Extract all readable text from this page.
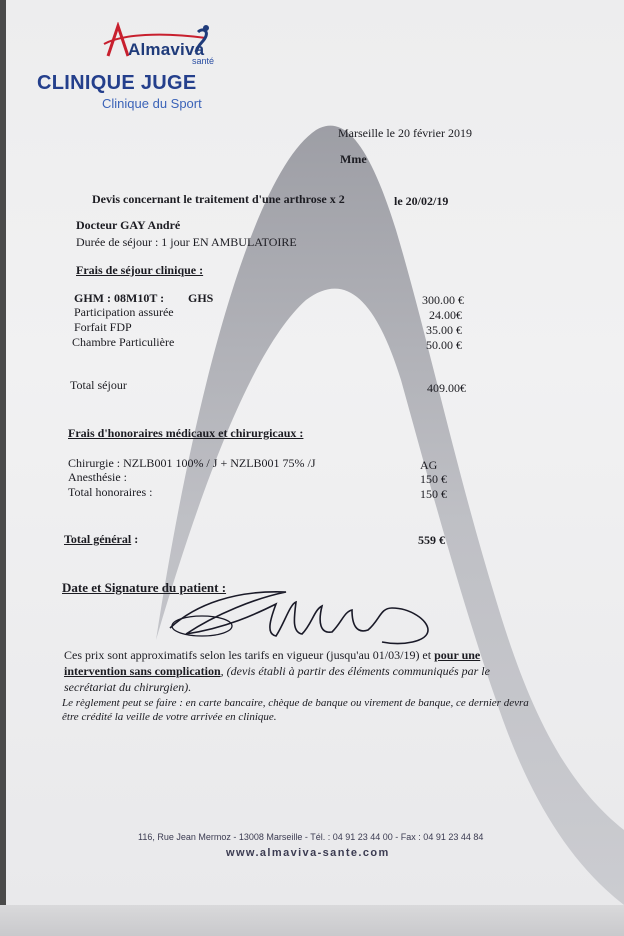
Almaviva
santé
CLINIQUE JUGE
Clinique du Sport
Marseille le 20 février 2019
Mme
Devis concernant le traitement d'une arthrose x 2	le 20/02/19
Docteur GAY André
Durée de séjour : 1 jour EN AMBULATOIRE
Frais de séjour clinique :
GHM : 08M10T : GHS	300.00 €
Participation assurée	24.00€
Forfait FDP	35.00 €
Chambre Particulière	50.00 €
Total séjour	409.00€
Frais d'honoraires médicaux et chirurgicaux :
Chirurgie : NZLB001 100% / J + NZLB001 75% /J	AG
Anesthésie :	150 €
Total honoraires :	150 €
Total général :	559 €
Date et Signature du patient :
Ces prix sont approximatifs selon les tarifs en vigueur (jusqu'au 01/03/19) et pour une
intervention sans complication, (devis établi à partir des éléments communiqués par le
secrétariat du chirurgien).
Le règlement peut se faire : en carte bancaire, chèque de banque ou virement de banque, ce dernier devra
être crédité la veille de votre arrivée en clinique.
116, Rue Jean Mermoz - 13008 Marseille - Tél. : 04 91 23 44 00 - Fax : 04 91 23 44 84
www.almaviva-sante.com
